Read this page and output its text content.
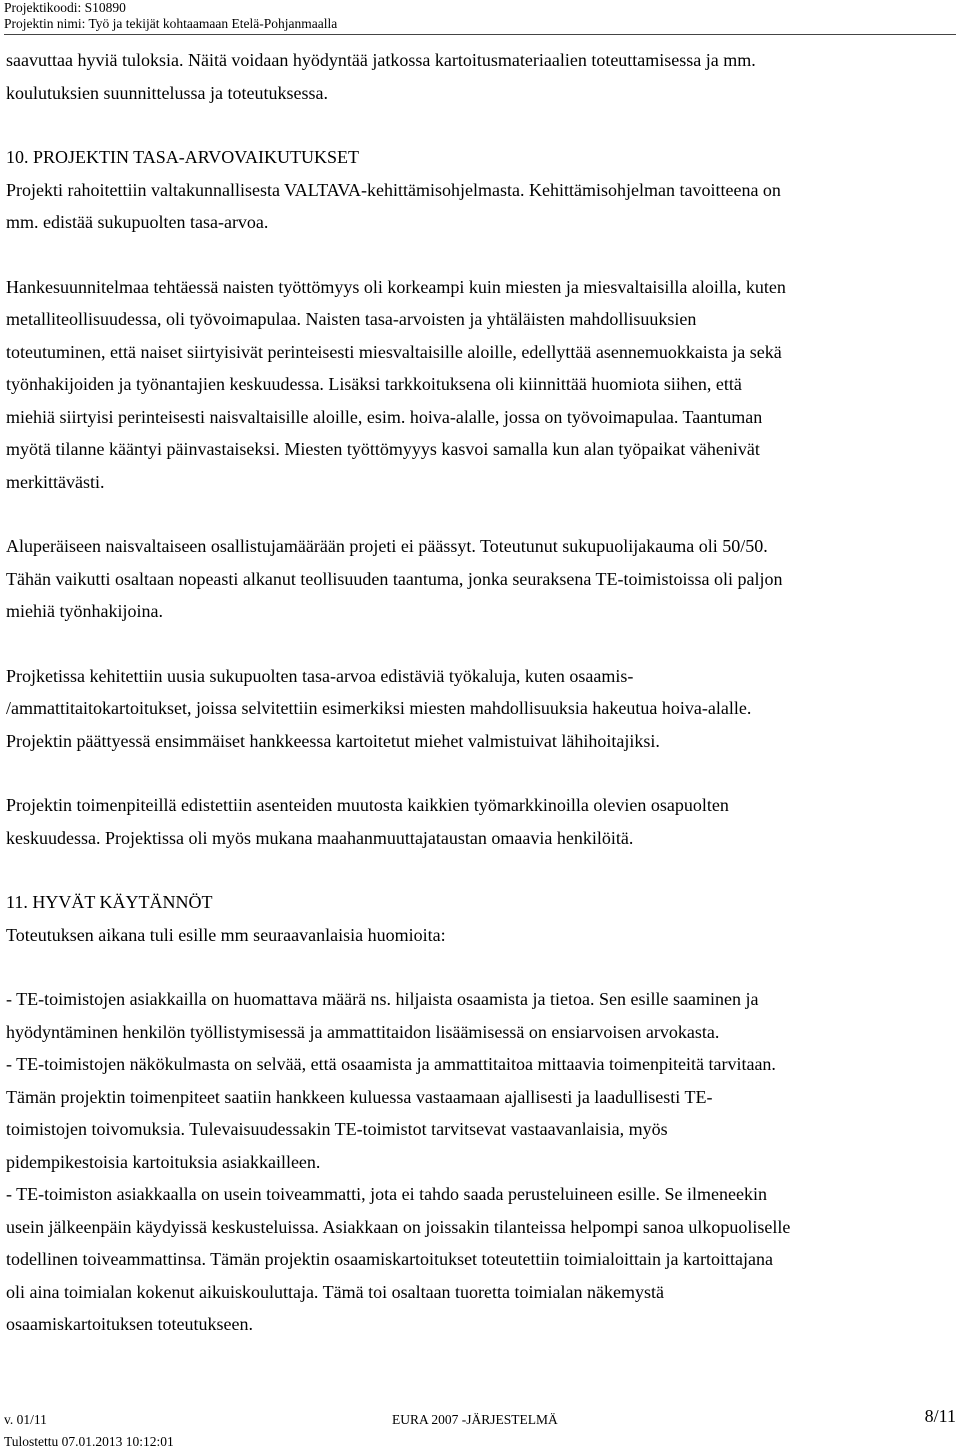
Projektikoodi: S10890
Projektin nimi: Työ ja tekijät kohtaamaan Etelä-Pohjanmaalla

saavuttaa hyviä tuloksia. Näitä voidaan hyödyntää jatkossa kartoitusmateriaalien toteuttamisessa ja mm.

koulutuksien suunnittelussa ja toteutuksessa.

10. PROJEKTIN TASA-ARVOVAIKUTUKSET

Projekti rahoitettiin valtakunnallisesta VALTAVA-kehittämisohjelmasta. Kehittämisohjelman tavoitteena on

mm. edistää sukupuolten tasa-arvoa.

Hankesuunnitelmaa tehtäessä naisten työttömyys oli korkeampi kuin miesten ja miesvaltaisilla aloilla, kuten

metalliteollisuudessa, oli työvoimapulaa. Naisten tasa-arvoisten ja yhtäläisten mahdollisuuksien

toteutuminen, että naiset siirtyisivät perinteisesti miesvaltaisille aloille, edellyttää asennemuokkaista ja sekä

työnhakijoiden ja työnantajien keskuudessa. Lisäksi tarkkoituksena oli kiinnittää huomiota siihen, että

miehiä siirtyisi perinteisesti naisvaltaisille aloille, esim. hoiva-alalle, jossa on työvoimapulaa. Taantuman

myötä tilanne kääntyi päinvastaiseksi. Miesten työttömyyys kasvoi samalla kun alan työpaikat vähenivät

merkittävästi.

Aluperäiseen naisvaltaiseen osallistujamäärään projeti ei päässyt. Toteutunut sukupuolijakauma oli 50/50.

Tähän vaikutti osaltaan nopeasti alkanut teollisuuden taantuma, jonka seuraksena TE-toimistoissa oli paljon

miehiä työnhakijoina.

Projketissa kehitettiin uusia sukupuolten tasa-arvoa edistäviä työkaluja, kuten osaamis-

/ammattitaitokartoitukset, joissa selvitettiin esimerkiksi miesten mahdollisuuksia hakeutua hoiva-alalle.

Projektin päättyessä ensimmäiset hankkeessa kartoitetut miehet valmistuivat lähihoitajiksi.

Projektin toimenpiteillä edistettiin asenteiden muutosta kaikkien työmarkkinoilla olevien osapuolten

keskuudessa. Projektissa oli myös mukana maahanmuuttajataustan omaavia henkilöitä.

11. HYVÄT KÄYTÄNNÖT

Toteutuksen aikana tuli esille mm seuraavanlaisia huomioita:

- TE-toimistojen asiakkailla on huomattava määrä ns. hiljaista osaamista ja tietoa. Sen esille saaminen ja

hyödyntäminen henkilön työllistymisessä ja ammattitaidon lisäämisessä on ensiarvoisen arvokasta.

- TE-toimistojen näkökulmasta on selvää, että osaamista ja ammattitaitoa mittaavia toimenpiteitä tarvitaan.

Tämän projektin toimenpiteet saatiin hankkeen kuluessa vastaamaan ajallisesti ja laadullisesti TE-

toimistojen toivomuksia. Tulevaisuudessakin TE-toimistot tarvitsevat vastaavanlaisia, myös

pidempikestoisia kartoituksia asiakkailleen.

- TE-toimiston asiakkaalla on usein toiveammatti, jota ei tahdo saada perusteluineen esille. Se ilmeneekin

usein jälkeenpäin käydyissä keskusteluissa. Asiakkaan on joissakin tilanteissa helpompi sanoa ulkopuoliselle

todellinen toiveammattinsa. Tämän projektin osaamiskartoitukset toteutettiin toimialoittain ja kartoittajana

oli aina toimialan kokenut aikuiskouluttaja. Tämä toi osaltaan tuoretta toimialan näkemystä

osaamiskartoituksen toteutukseen.

v. 01/11	EURA 2007 -JÄRJESTELMÄ	8/11
Tulostettu 07.01.2013 10:12:01
